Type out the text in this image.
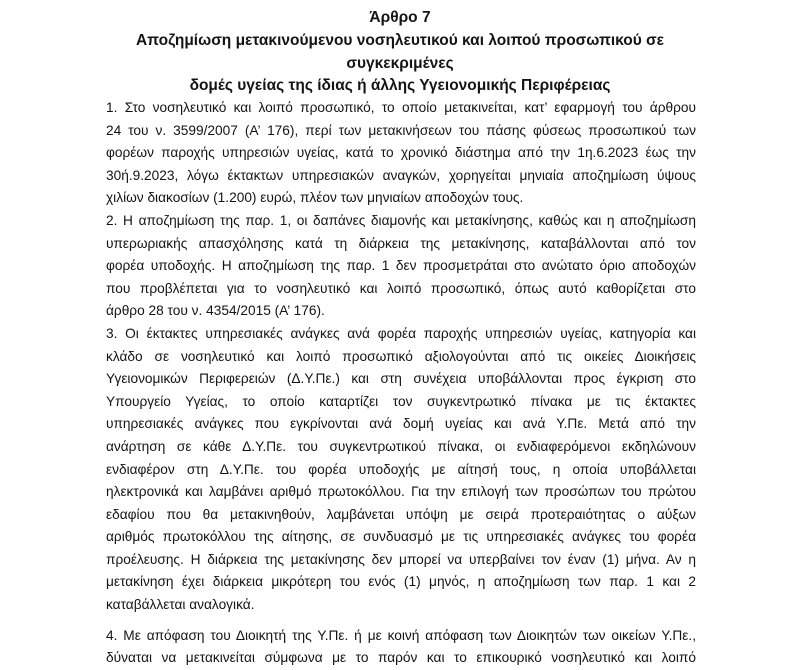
Άρθρο 7
Αποζημίωση μετακινούμενου νοσηλευτικού και λοιπού προσωπικού σε συγκεκριμένες
δομές υγείας της ίδιας ή άλλης Υγειονομικής Περιφέρειας
1. Στο νοσηλευτικό και λοιπό προσωπικό, το οποίο μετακινείται, κατ’ εφαρμογή του άρθρου
24 του ν. 3599/2007 (Α’ 176), περί των μετακινήσεων του πάσης φύσεως προσωπικού των
φορέων παροχής υπηρεσιών υγείας, κατά το χρονικό διάστημα από την 1η.6.2023 έως την
30ή.9.2023, λόγω έκτακτων υπηρεσιακών αναγκών, χορηγείται μηνιαία αποζημίωση ύψους
χιλίων διακοσίων (1.200) ευρώ, πλέον των μηνιαίων αποδοχών τους.
2. Η αποζημίωση της παρ. 1, οι δαπάνες διαμονής και μετακίνησης, καθώς και η αποζημίωση
υπερωριακής απασχόλησης κατά τη διάρκεια της μετακίνησης, καταβάλλονται από τον
φορέα υποδοχής. Η αποζημίωση της παρ. 1 δεν προσμετράται στο ανώτατο όριο αποδοχών
που προβλέπεται για το νοσηλευτικό και λοιπό προσωπικό, όπως αυτό καθορίζεται στο
άρθρο 28 του ν. 4354/2015 (Α’ 176).
3. Οι έκτακτες υπηρεσιακές ανάγκες ανά φορέα παροχής υπηρεσιών υγείας, κατηγορία και
κλάδο σε νοσηλευτικό και λοιπό προσωπικό αξιολογούνται από τις οικείες Διοικήσεις
Υγειονομικών Περιφερειών (Δ.Υ.Πε.) και στη συνέχεια υποβάλλονται προς έγκριση στο
Υπουργείο Υγείας, το οποίο καταρτίζει τον συγκεντρωτικό πίνακα με τις έκτακτες
υπηρεσιακές ανάγκες που εγκρίνονται ανά δομή υγείας και ανά Υ.Πε. Μετά από την
ανάρτηση σε κάθε Δ.Υ.Πε. του συγκεντρωτικού πίνακα, οι ενδιαφερόμενοι εκδηλώνουν
ενδιαφέρον στη Δ.Υ.Πε. του φορέα υποδοχής με αίτησή τους, η οποία υποβάλλεται
ηλεκτρονικά και λαμβάνει αριθμό πρωτοκόλλου. Για την επιλογή των προσώπων του πρώτου
εδαφίου που θα μετακινηθούν, λαμβάνεται υπόψη με σειρά προτεραιότητας ο αύξων
αριθμός πρωτοκόλλου της αίτησης, σε συνδυασμό με τις υπηρεσιακές ανάγκες του φορέα
προέλευσης. Η διάρκεια της μετακίνησης δεν μπορεί να υπερβαίνει τον έναν (1) μήνα. Αν η
μετακίνηση έχει διάρκεια μικρότερη του ενός (1) μηνός, η αποζημίωση των παρ. 1 και 2
καταβάλλεται αναλογικά.
4. Με απόφαση του Διοικητή της Υ.Πε. ή με κοινή απόφαση των Διοικητών των οικείων Υ.Πε.,
δύναται να μετακινείται σύμφωνα με το παρόν και το επικουρικό νοσηλευτικό και λοιπό
